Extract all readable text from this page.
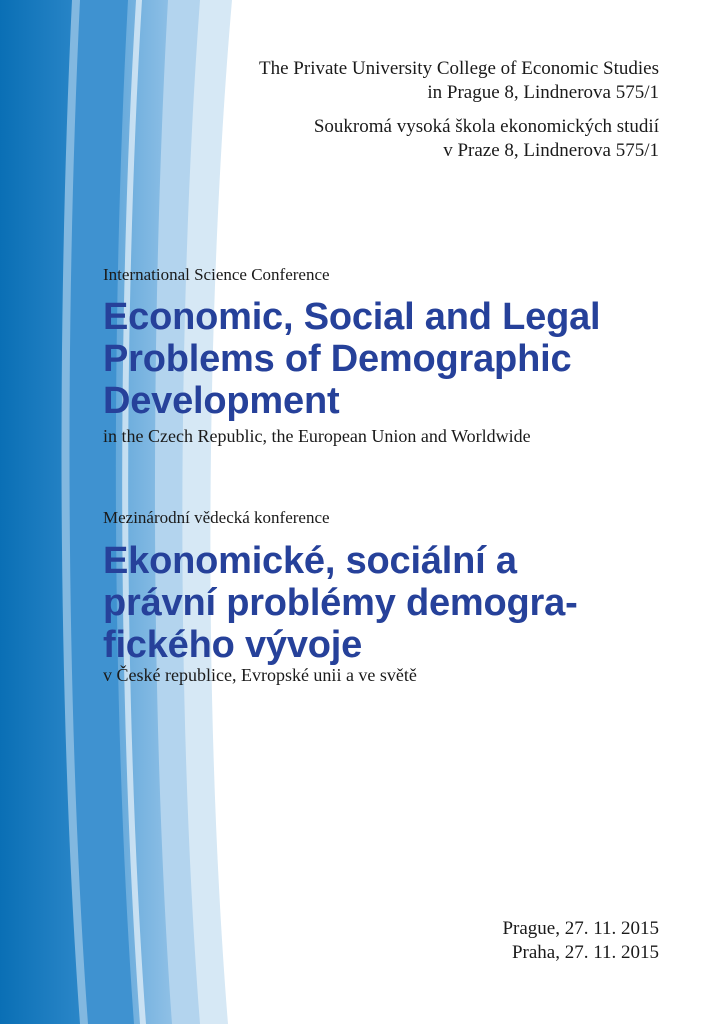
The Private University College of Economic Studies
in Prague 8, Lindnerova 575/1
Soukromá vysoká škola ekonomických studií
v Praze 8, Lindnerova 575/1
International Science Conference
Economic, Social and Legal
Problems of Demographic
Development
in the Czech Republic, the European Union and Worldwide
Mezinárodní vědecká konference
Ekonomické, sociální a
právní problémy demogra-
fického vývoje
v České republice, Evropské unii a ve světě
Prague, 27. 11. 2015
Praha, 27. 11. 2015
